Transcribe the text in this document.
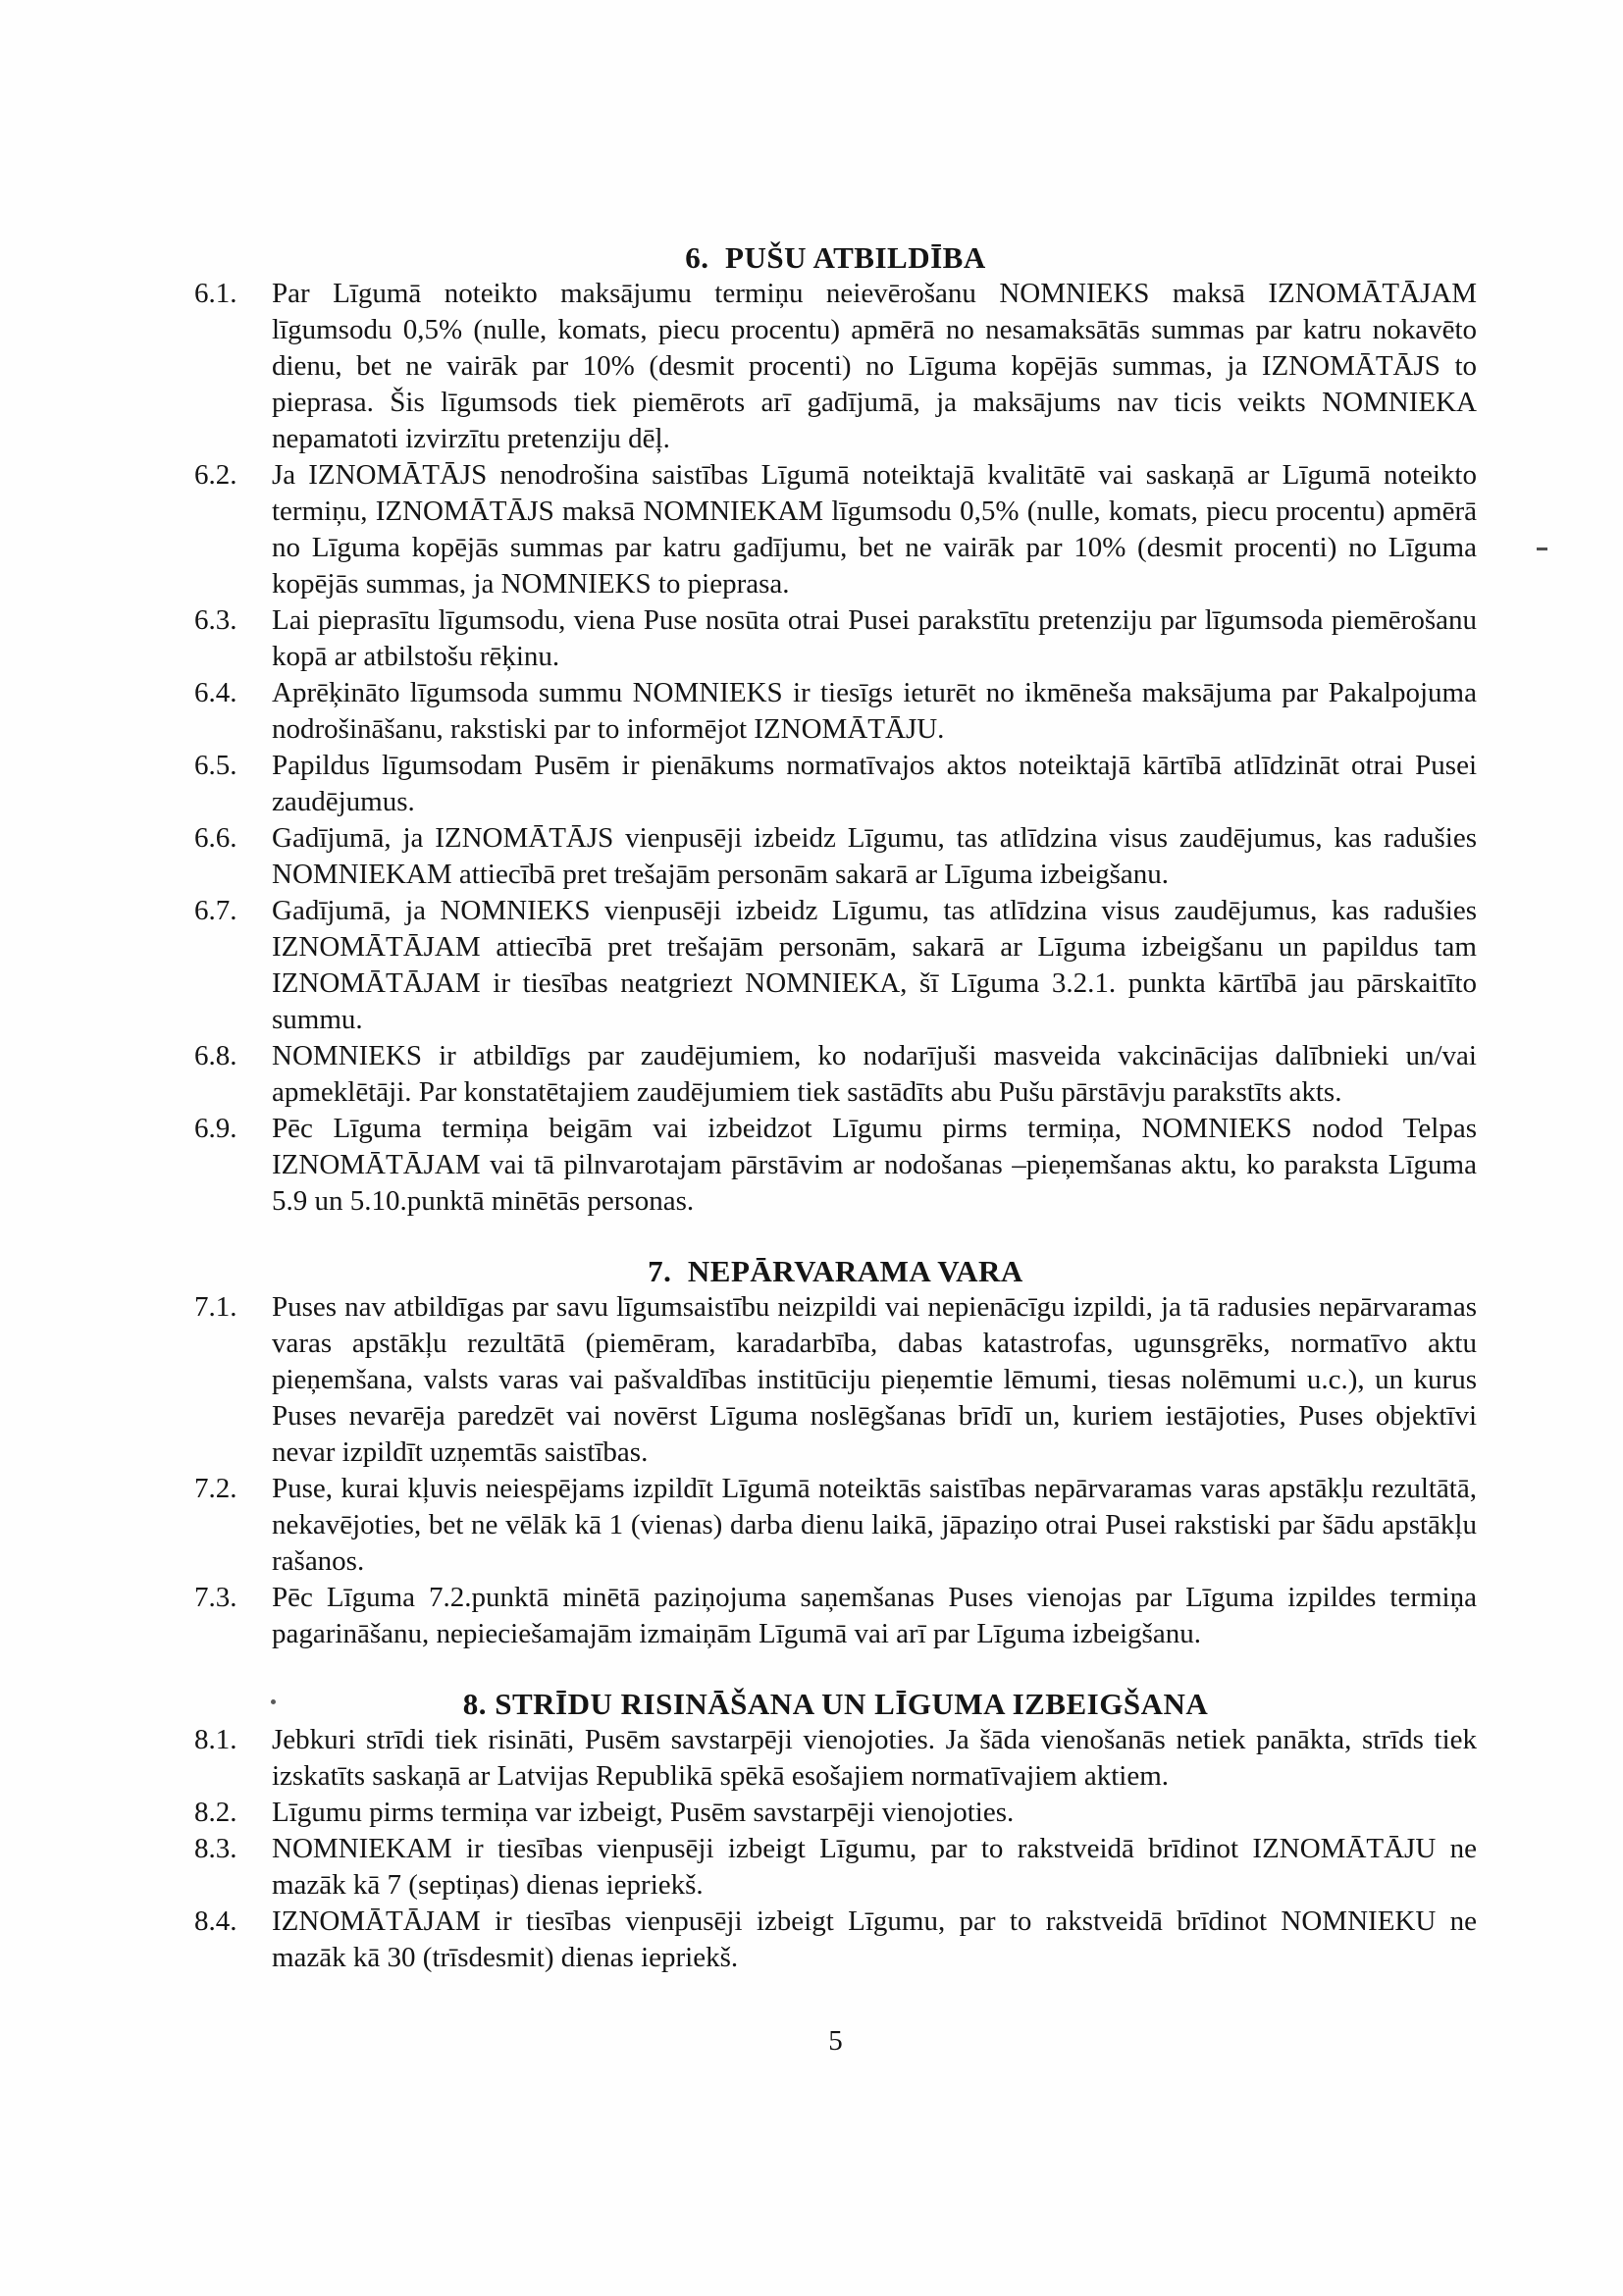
6.  PUŠU ATBILDĪBA
6.1.	Par Līgumā noteikto maksājumu termiņu neievērošanu NOMNIEKS maksā IZNOMĀTĀJAM līgumsodu 0,5% (nulle, komats, piecu procentu) apmērā no nesamaksātās summas par katru nokavēto dienu, bet ne vairāk par 10% (desmit procenti) no Līguma kopējās summas, ja IZNOMĀTĀJS to pieprasa. Šis līgumsods tiek piemērots arī gadījumā, ja maksājums nav ticis veikts NOMNIEKA nepamatoti izvirzītu pretenziju dēļ.
6.2.	Ja IZNOMĀTĀJS nenodrošina saistības Līgumā noteiktajā kvalitātē vai saskaņā ar Līgumā noteikto termiņu, IZNOMĀTĀJS maksā NOMNIEKAM līgumsodu 0,5% (nulle, komats, piecu procentu) apmērā no Līguma kopējās summas par katru gadījumu, bet ne vairāk par 10% (desmit procenti) no Līguma kopējās summas, ja NOMNIEKS to pieprasa.
6.3.	Lai pieprasītu līgumsodu, viena Puse nosūta otrai Pusei parakstītu pretenziju par līgumsoda piemērošanu kopā ar atbilstošu rēķinu.
6.4.	Aprēķināto līgumsoda summu NOMNIEKS ir tiesīgs ieturēt no ikmēneša maksājuma par Pakalpojuma nodrošināšanu, rakstiski par to informējot IZNOMĀTĀJU.
6.5.	Papildus līgumsodam Pusēm ir pienākums normatīvajos aktos noteiktajā kārtībā atlīdzināt otrai Pusei zaudējumus.
6.6.	Gadījumā, ja IZNOMĀTĀJS vienpusēji izbeidz Līgumu, tas atlīdzina visus zaudējumus, kas radušies NOMNIEKAM attiecībā pret trešajām personām sakarā ar Līguma izbeigšanu.
6.7.	Gadījumā, ja NOMNIEKS vienpusēji izbeidz Līgumu, tas atlīdzina visus zaudējumus, kas radušies IZNOMĀTĀJAM attiecībā pret trešajām personām, sakarā ar Līguma izbeigšanu un papildus tam IZNOMĀTĀJAM ir tiesības neatgriezt NOMNIEKA, šī Līguma 3.2.1. punkta kārtībā jau pārskaitīto summu.
6.8.	NOMNIEKS ir atbildīgs par zaudējumiem, ko nodarījuši masveida vakcinācijas dalībnieki un/vai apmeklētāji. Par konstatētajiem zaudējumiem tiek sastādīts abu Pušu pārstāvju parakstīts akts.
6.9.	Pēc Līguma termiņa beigām vai izbeidzot Līgumu pirms termiņa, NOMNIEKS nodod Telpas IZNOMĀTĀJAM vai tā pilnvarotajam pārstāvim ar nodošanas –pieņemšanas aktu, ko paraksta Līguma 5.9 un 5.10.punktā minētās personas.
7.  NEPĀRVARAMA VARA
7.1.	Puses nav atbildīgas par savu līgumsaistību neizpildi vai nepienācīgu izpildi, ja tā radusies nepārvaramas varas apstākļu rezultātā (piemēram, karadarbība, dabas katastrofas, ugunsgrēks, normatīvo aktu pieņemšana, valsts varas vai pašvaldības institūciju pieņemtie lēmumi, tiesas nolēmumi u.c.), un kurus Puses nevarēja paredzēt vai novērst Līguma noslēgšanas brīdī un, kuriem iestājoties, Puses objektīvi nevar izpildīt uzņemtās saistības.
7.2.	Puse, kurai kļuvis neiespējams izpildīt Līgumā noteiktās saistības nepārvaramas varas apstākļu rezultātā, nekavējoties, bet ne vēlāk kā 1 (vienas) darba dienu laikā, jāpaziņo otrai Pusei rakstiski par šādu apstākļu rašanos.
7.3.	Pēc Līguma 7.2.punktā minētā paziņojuma saņemšanas Puses vienojas par Līguma izpildes termiņa pagarināšanu, nepieciešamajām izmaiņām Līgumā vai arī par Līguma izbeigšanu.
8. STRĪDU RISINĀŠANA UN LĪGUMA IZBEIGŠANA
8.1.	Jebkuri strīdi tiek risināti, Pusēm savstarpēji vienojoties. Ja šāda vienošanās netiek panākta, strīds tiek izskatīts saskaņā ar Latvijas Republikā spēkā esošajiem normatīvajiem aktiem.
8.2.	Līgumu pirms termiņa var izbeigt, Pusēm savstarpēji vienojoties.
8.3.	NOMNIEKAM ir tiesības vienpusēji izbeigt Līgumu, par to rakstveidā brīdinot IZNOMĀTĀJU ne mazāk kā 7 (septiņas) dienas iepriekš.
8.4.	IZNOMĀTĀJAM ir tiesības vienpusēji izbeigt Līgumu, par to rakstveidā brīdinot NOMNIEKU ne mazāk kā 30 (trīsdesmit) dienas iepriekš.
5
